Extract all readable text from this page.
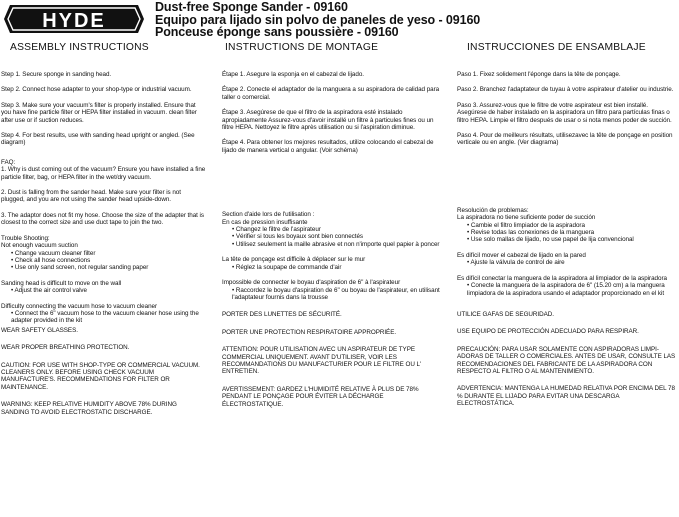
HYDE
Dust-free Sponge Sander - 09160
Equipo para lijado sin polvo de paneles de yeso - 09160
Ponceuse éponge sans poussière - 09160
ASSEMBLY INSTRUCTIONS
Step 1. Secure sponge in sanding head.
Step 2. Connect hose adapter to your shop-type or industrial vacuum.
Step 3. Make sure your vacuum's filter is properly installed. Ensure that you have fine particle filter or HEPA filter installed in vacuum. clean filter after use or if suction reduces.
Step 4. For best results, use with sanding head upright or angled. (See diagram)
FAQ:
1. Why is dust coming out of the vacuum? Ensure you have installed a fine particle filter, bag, or HEPA filter in the wet/dry vacuum.
2. Dust is falling from the sander head. Make sure your filter is not plugged, and you are not using the sander head upside-down.
3. The adaptor does not fit my hose. Choose the size of the adapter that is closest to the correct size and use duct tape to join the two.
Trouble Shooting:
Not enough vacuum suction
• Change vacuum cleaner filter
• Check all hose connections
• Use only sand screen, not regular sanding paper
Sanding head is difficult to move on the wall
• Adjust the air control valve
Difficulty connecting the vacuum hose to vacuum cleaner
• Connect the 6" vacuum hose to the vacuum cleaner hose using the adapter provided in the kit
WEAR SAFETY GLASSES.
WEAR PROPER BREATHING PROTECTION.
CAUTION: FOR USE WITH SHOP-TYPE OR COMMERCIAL VACUUM. CLEANERS ONLY. BEFORE USING CHECK VACUUM MANUFACTURE'S. RECOMMENDATIONS FOR FILTER OR MAINTENANCE.
WARNING: KEEP RELATIVE HUMIDITY ABOVE 78% DURING SANDING TO AVOID ELECTROSTATIC DISCHARGE.
INSTRUCTIONS DE MONTAGE
Étape 1. Asegure la esponja en el cabezal de lijado.
Étape 2. Conecte el adaptador de la manguera a su aspiradora de calidad para taller o comercial.
Étape 3. Asegúrese de que el filtro de la aspiradora esté instalado apropiadamente Assurez-vous d'avoir installé un filtre à particules fines ou un filtre HEPA. Nettoyez le filtre après utilisation ou si l'aspiration diminue.
Étape 4. Para obtener los mejores resultados, utilize colocando el cabezal de lijado de manera vertical o angular. (Voir schéma)
Section d'aide lors de l'utilisation :
En cas de pression insuffisante
• Changez le filtre de l'aspirateur
• Vérifier si tous les boyaux sont bien connectés
• Utilisez seulement la maille abrasive et non n'importe quel papier à poncer
La tête de ponçage est difficile à déplacer sur le mur
• Réglez la soupape de commande d'air
Impossible de connecter le boyau d'aspiration de 6" à l'aspirateur
• Raccordez le boyau d'aspiration de 6" ou boyau de l'aspirateur, en utilisant l'adaptateur fournis dans la trousse
PORTER DES LUNETTES DE SÉCURITÉ.
PORTER UNE PROTECTION RESPIRATOIRE APPROPRIÉE.
ATTENTION: POUR UTILISATION AVEC UN ASPIRATEUR DE TYPE COMMERCIAL UNIQUEMENT. AVANT D'UTILISER, VOIR LES RECOMMANDATIONS DU MANUFACTURIER POUR LE FILTRE OU L' ENTRETIEN.
AVERTISSEMENT: GARDEZ L'HUMIDITÉ RELATIVE À PLUS DE 78% PENDANT LE PONÇAGE POUR ÉVITER LA DÉCHARGE ÉLECTROSTATIQUE.
INSTRUCCIONES DE ENSAMBLAJE
Paso 1. Fixez solidement l'éponge dans la tête de ponçage.
Paso 2. Branchez l'adaptateur de tuyau à votre aspirateur d'atelier ou industrie.
Paso 3. Assurez-vous que le filtre de votre aspirateur est bien installé. Asegúrese de haber instalado en la aspiradora un filtro para partículas finas o filtro HEPA. Limpie el filtro después de usar o si nota menos poder de succión.
Paso 4. Pour de meilleurs résultats, utilisezavec la tête de ponçage en position verticale ou en angle. (Ver diagrama)
Resolución de problemas:
La aspiradora no tiene suficiente poder de succión
• Cambie el filtro limpiador de la aspiradora
• Revise todas las conexiones de la manguera
• Use solo mallas de lijado, no use papel de lija convencional
Es difícil mover el cabezal de lijado en la pared
• Ajuste la válvula de control de aire
Es difícil conectar la manguera de la aspiradora al limpiador de la aspiradora
• Conecte la manguera de la aspiradora de 6" (15.20 cm) a la manguera limpiadora de la aspiradora usando el adaptador proporcionado en el kit
UTILICE GAFAS DE SEGURIDAD.
USE EQUIPO DE PROTECCIÓN ADECUADO PARA RESPIRAR.
PRECAUCIÓN: PARA USAR SOLAMENTE CON ASPIRADORAS LIMPI-ADORAS DE TALLER O COMERCIALES. ANTES DE USAR, CONSULTE LAS RECOMENDACIONES DEL FABRICANTE DE LA ASPIRADORA CON RESPECTO AL FILTRO O AL MANTENIMIENTO.
ADVERTENCIA: MANTENGA LA HUMEDAD RELATIVA POR ENCIMA DEL 78 % DURANTE EL LIJADO PARA EVITAR UNA DESCARGA ELECTROSTÁTICA.
